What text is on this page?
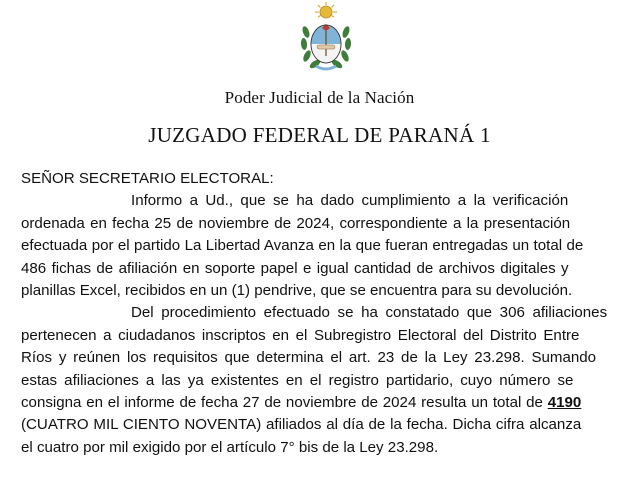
Poder Judicial de la Nación
JUZGADO FEDERAL DE PARANÁ 1
SEÑOR SECRETARIO ELECTORAL:
Informo a Ud., que se ha dado cumplimiento a la verificación
ordenada en fecha 25 de noviembre de 2024, correspondiente a la presentación
efectuada por el partido La Libertad Avanza en la que fueran entregadas un total de
486 fichas de afiliación en soporte papel e igual cantidad de archivos digitales y
planillas Excel, recibidos en un (1) pendrive, que se encuentra para su devolución.
Del procedimiento efectuado se ha constatado que 306 afiliaciones
pertenecen a ciudadanos inscriptos en el Subregistro Electoral del Distrito Entre
Ríos y reúnen los requisitos que determina el art. 23 de la Ley 23.298. Sumando
estas afiliaciones a las ya existentes en el registro partidario, cuyo número se
consigna en el informe de fecha 27 de noviembre de 2024 resulta un total de 4190
(CUATRO MIL CIENTO NOVENTA) afiliados al día de la fecha. Dicha cifra alcanza
el cuatro por mil exigido por el artículo 7° bis de la Ley 23.298.
